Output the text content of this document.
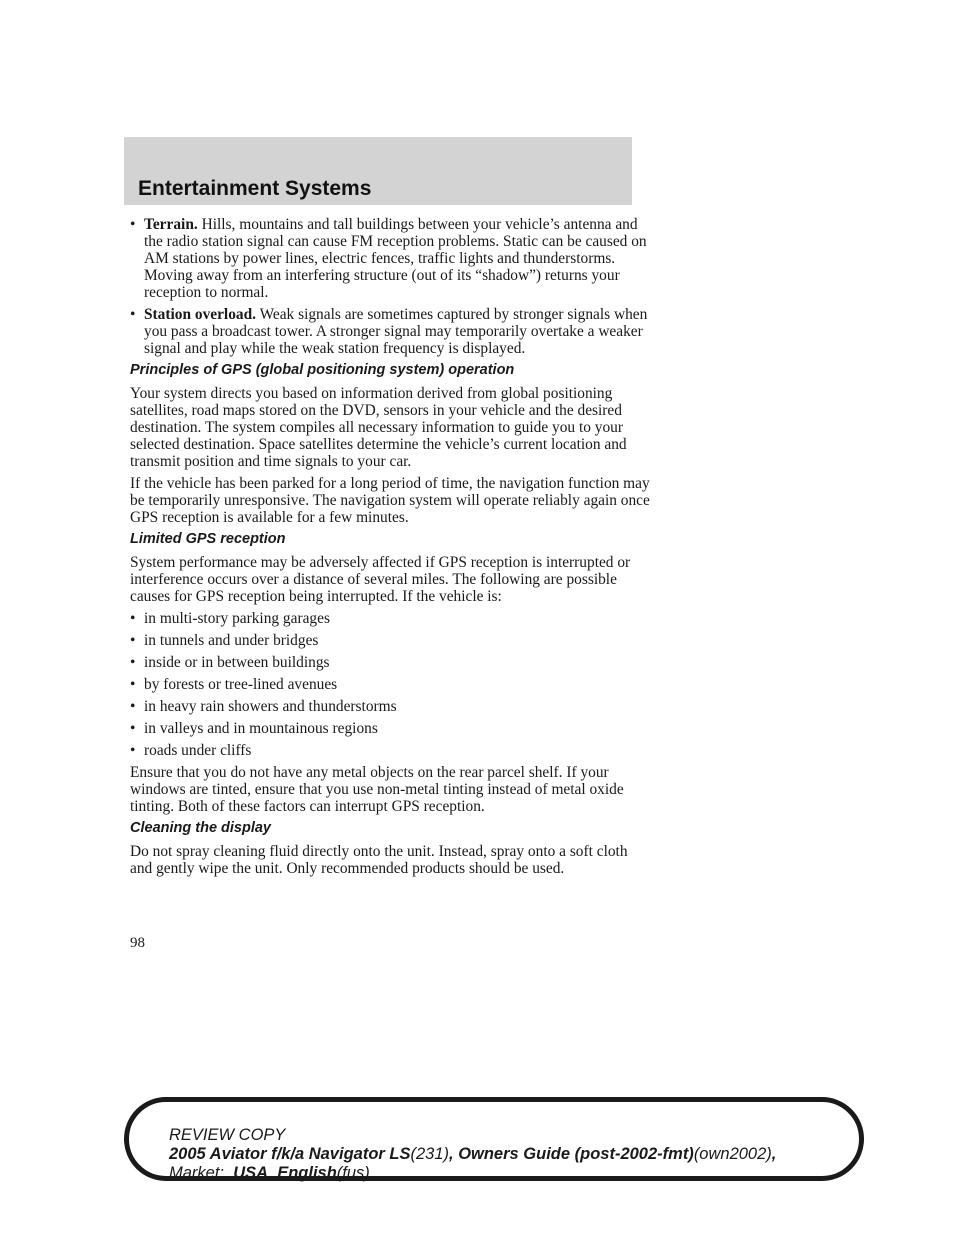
Entertainment Systems
• Terrain. Hills, mountains and tall buildings between your vehicle’s antenna and the radio station signal can cause FM reception problems. Static can be caused on AM stations by power lines, electric fences, traffic lights and thunderstorms. Moving away from an interfering structure (out of its “shadow”) returns your reception to normal.
• Station overload. Weak signals are sometimes captured by stronger signals when you pass a broadcast tower. A stronger signal may temporarily overtake a weaker signal and play while the weak station frequency is displayed.
Principles of GPS (global positioning system) operation

Your system directs you based on information derived from global positioning satellites, road maps stored on the DVD, sensors in your vehicle and the desired destination. The system compiles all necessary information to guide you to your selected destination. Space satellites determine the vehicle’s current location and transmit position and time signals to your car.

If the vehicle has been parked for a long period of time, the navigation function may be temporarily unresponsive. The navigation system will operate reliably again once GPS reception is available for a few minutes.

Limited GPS reception

System performance may be adversely affected if GPS reception is interrupted or interference occurs over a distance of several miles. The following are possible causes for GPS reception being interrupted. If the vehicle is:

• in multi-story parking garages
• in tunnels and under bridges
• inside or in between buildings
• by forests or tree-lined avenues
• in heavy rain showers and thunderstorms
• in valleys and in mountainous regions
• roads under cliffs

Ensure that you do not have any metal objects on the rear parcel shelf. If your windows are tinted, ensure that you use non-metal tinting instead of metal oxide tinting. Both of these factors can interrupt GPS reception.

Cleaning the display

Do not spray cleaning fluid directly onto the unit. Instead, spray onto a soft cloth and gently wipe the unit. Only recommended products should be used.

98
REVIEW COPY
2005 Aviator f/k/a Navigator LS(231), Owners Guide (post-2002-fmt)(own2002),
Market: USA_English(fus)
